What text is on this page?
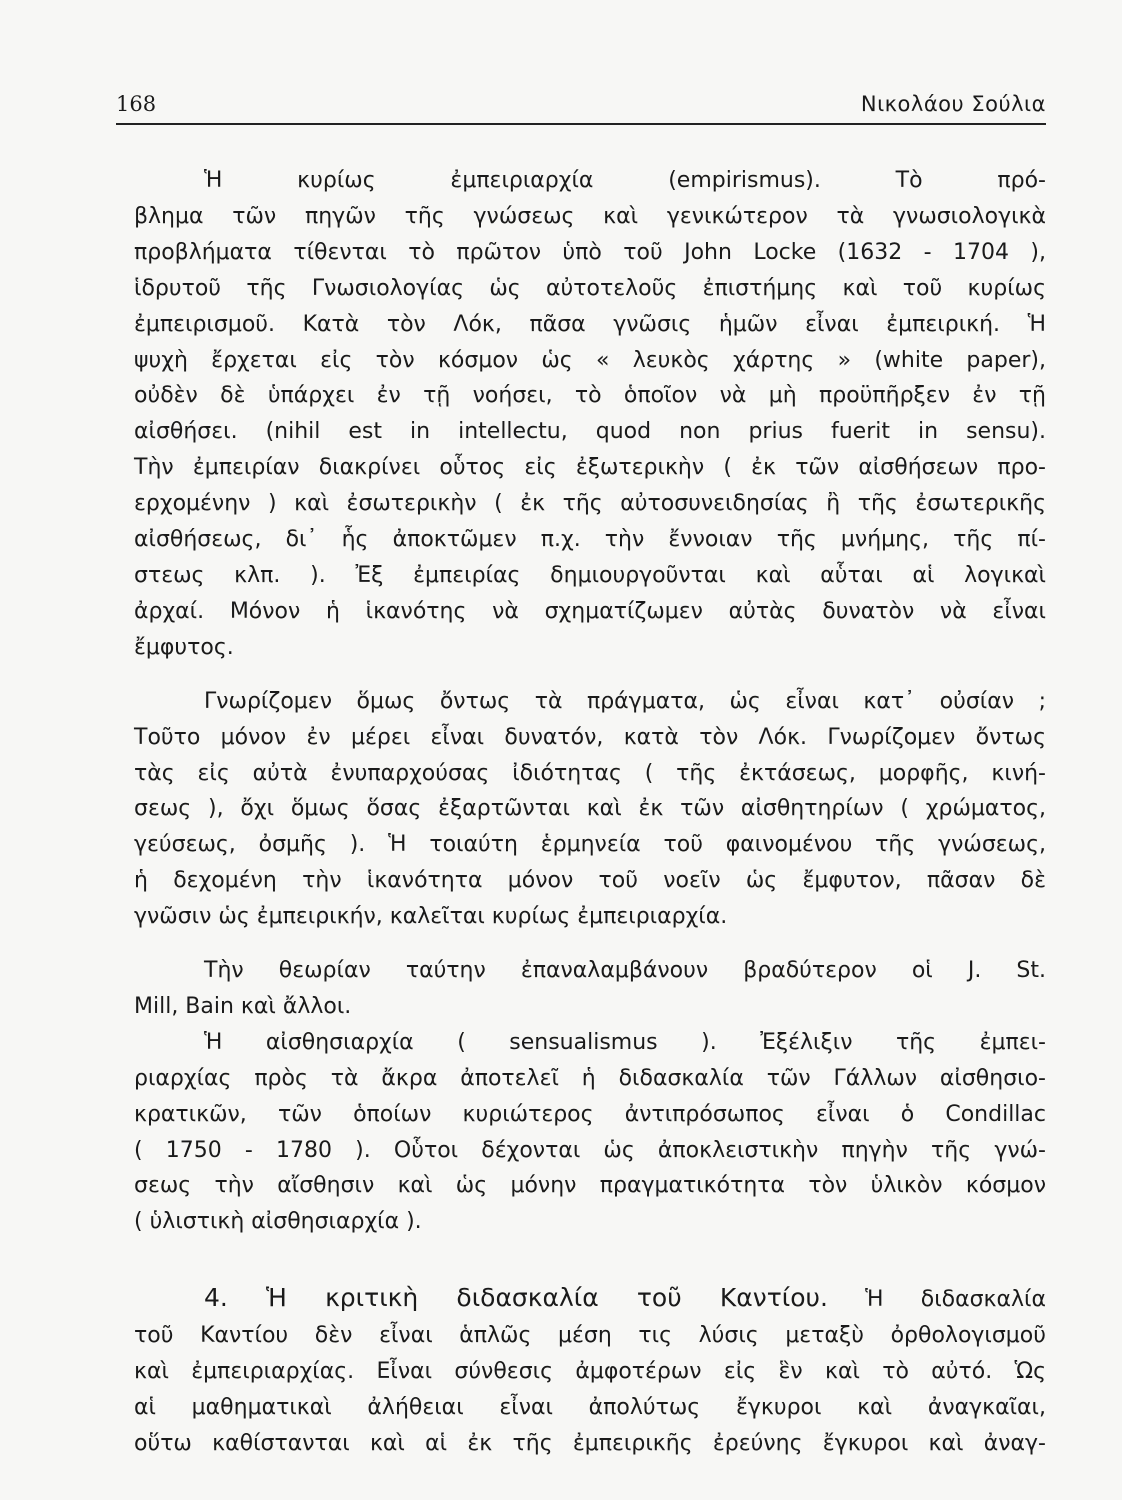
168	Νικολάου Σούλια
Ἡ κυρίως ἐμπειριαρχία (empirismus). Τὸ πρό-
βλημα τῶν πηγῶν τῆς γνώσεως καὶ γενικώτερον τὰ γνωσιολογικὰ
προβλήματα τίθενται τὸ πρῶτον ὑπὸ τοῦ John Locke (1632 - 1704 ),
ἱδρυτοῦ τῆς Γνωσιολογίας ὡς αὐτοτελοῦς ἐπιστήμης καὶ τοῦ κυρίως
ἐμπειρισμοῦ. Κατὰ τὸν Λόκ, πᾶσα γνῶσις ἡμῶν εἶναι ἐμπειρική. Ἡ
ψυχὴ ἔρχεται εἰς τὸν κόσμον ὡς « λευκὸς χάρτης » (white paper),
οὐδὲν δὲ ὑπάρχει ἐν τῇ νοήσει, τὸ ὁποῖον νὰ μὴ προϋπῆρξεν ἐν τῇ
αἰσθήσει. (nihil est in intellectu, quod non prius fuerit in sensu).
Τὴν ἐμπειρίαν διακρίνει οὗτος εἰς ἐξωτερικὴν ( ἐκ τῶν αἰσθήσεων προ-
ερχομένην ) καὶ ἐσωτερικὴν ( ἐκ τῆς αὐτοσυνειδησίας ἢ τῆς ἐσωτερικῆς
αἰσθήσεως, δι᾿ ἧς ἀποκτῶμεν π.χ. τὴν ἔννοιαν τῆς μνήμης, τῆς πί-
στεως κλπ. ). Ἐξ ἐμπειρίας δημιουργοῦνται καὶ αὗται αἱ λογικαὶ
ἀρχαί. Μόνον ἡ ἱκανότης νὰ σχηματίζωμεν αὐτὰς δυνατὸν νὰ εἶναι
ἔμφυτος.
Γνωρίζομεν ὅμως ὄντως τὰ πράγματα, ὡς εἶναι κατ᾿ οὐσίαν ;
Τοῦτο μόνον ἐν μέρει εἶναι δυνατόν, κατὰ τὸν Λόκ. Γνωρίζομεν ὄντως
τὰς εἰς αὐτὰ ἐνυπαρχούσας ἰδιότητας ( τῆς ἐκτάσεως, μορφῆς, κινή-
σεως ), ὄχι ὅμως ὅσας ἐξαρτῶνται καὶ ἐκ τῶν αἰσθητηρίων ( χρώματος,
γεύσεως, ὀσμῆς ). Ἡ τοιαύτη ἑρμηνεία τοῦ φαινομένου τῆς γνώσεως,
ἡ δεχομένη τὴν ἱκανότητα μόνον τοῦ νοεῖν ὡς ἔμφυτον, πᾶσαν δὲ
γνῶσιν ὡς ἐμπειρικήν, καλεῖται κυρίως ἐμπειριαρχία.
Τὴν θεωρίαν ταύτην ἐπαναλαμβάνουν βραδύτερον οἱ J. St.
Mill, Bain καὶ ἄλλοι.
Ἡ αἰσθησιαρχία ( sensualismus ). Ἐξέλιξιν τῆς ἐμπει-
ριαρχίας πρὸς τὰ ἄκρα ἀποτελεῖ ἡ διδασκαλία τῶν Γάλλων αἰσθησιο-
κρατικῶν, τῶν ὁποίων κυριώτερος ἀντιπρόσωπος εἶναι ὁ Condillac
( 1750 - 1780 ). Οὗτοι δέχονται ὡς ἀποκλειστικὴν πηγὴν τῆς γνώ-
σεως τὴν αἴσθησιν καὶ ὡς μόνην πραγματικότητα τὸν ὑλικὸν κόσμον
( ὑλιστικὴ αἰσθησιαρχία ).
4. Ἡ κριτικὴ διδασκαλία τοῦ Καντίου. Ἡ διδασκαλία
τοῦ Καντίου δὲν εἶναι ἁπλῶς μέση τις λύσις μεταξὺ ὀρθολογισμοῦ
καὶ ἐμπειριαρχίας. Εἶναι σύνθεσις ἀμφοτέρων εἰς ἓν καὶ τὸ αὐτό. Ὡς
αἱ μαθηματικαὶ ἀλήθειαι εἶναι ἀπολύτως ἔγκυροι καὶ ἀναγκαῖαι,
οὕτω καθίστανται καὶ αἱ ἐκ τῆς ἐμπειρικῆς ἐρεύνης ἔγκυροι καὶ ἀναγ-
